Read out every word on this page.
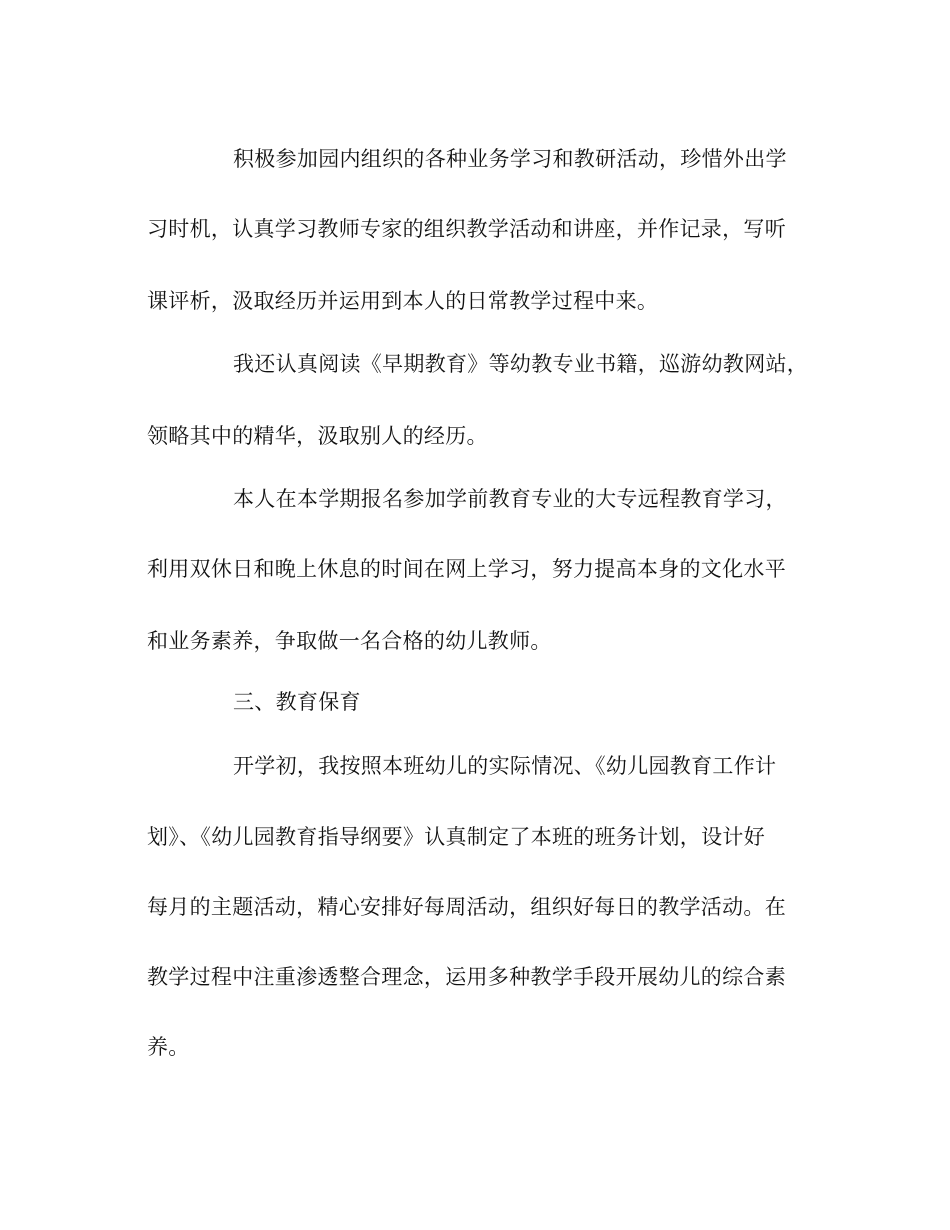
积极参加园内组织的各种业务学习和教研活动，珍惜外出学
习时机，认真学习教师专家的组织教学活动和讲座，并作记录，写听
课评析，汲取经历并运用到本人的日常教学过程中来。
我还认真阅读《早期教育》等幼教专业书籍，巡游幼教网站，
领略其中的精华，汲取别人的经历。
本人在本学期报名参加学前教育专业的大专远程教育学习，
利用双休日和晚上休息的时间在网上学习，努力提高本身的文化水平
和业务素养，争取做一名合格的幼儿教师。
三、教育保育
开学初，我按照本班幼儿的实际情况、《幼儿园教育工作计
划》、《幼儿园教育指导纲要》认真制定了本班的班务计划，设计好
每月的主题活动，精心安排好每周活动，组织好每日的教学活动。在
教学过程中注重渗透整合理念，运用多种教学手段开展幼儿的综合素
养。
